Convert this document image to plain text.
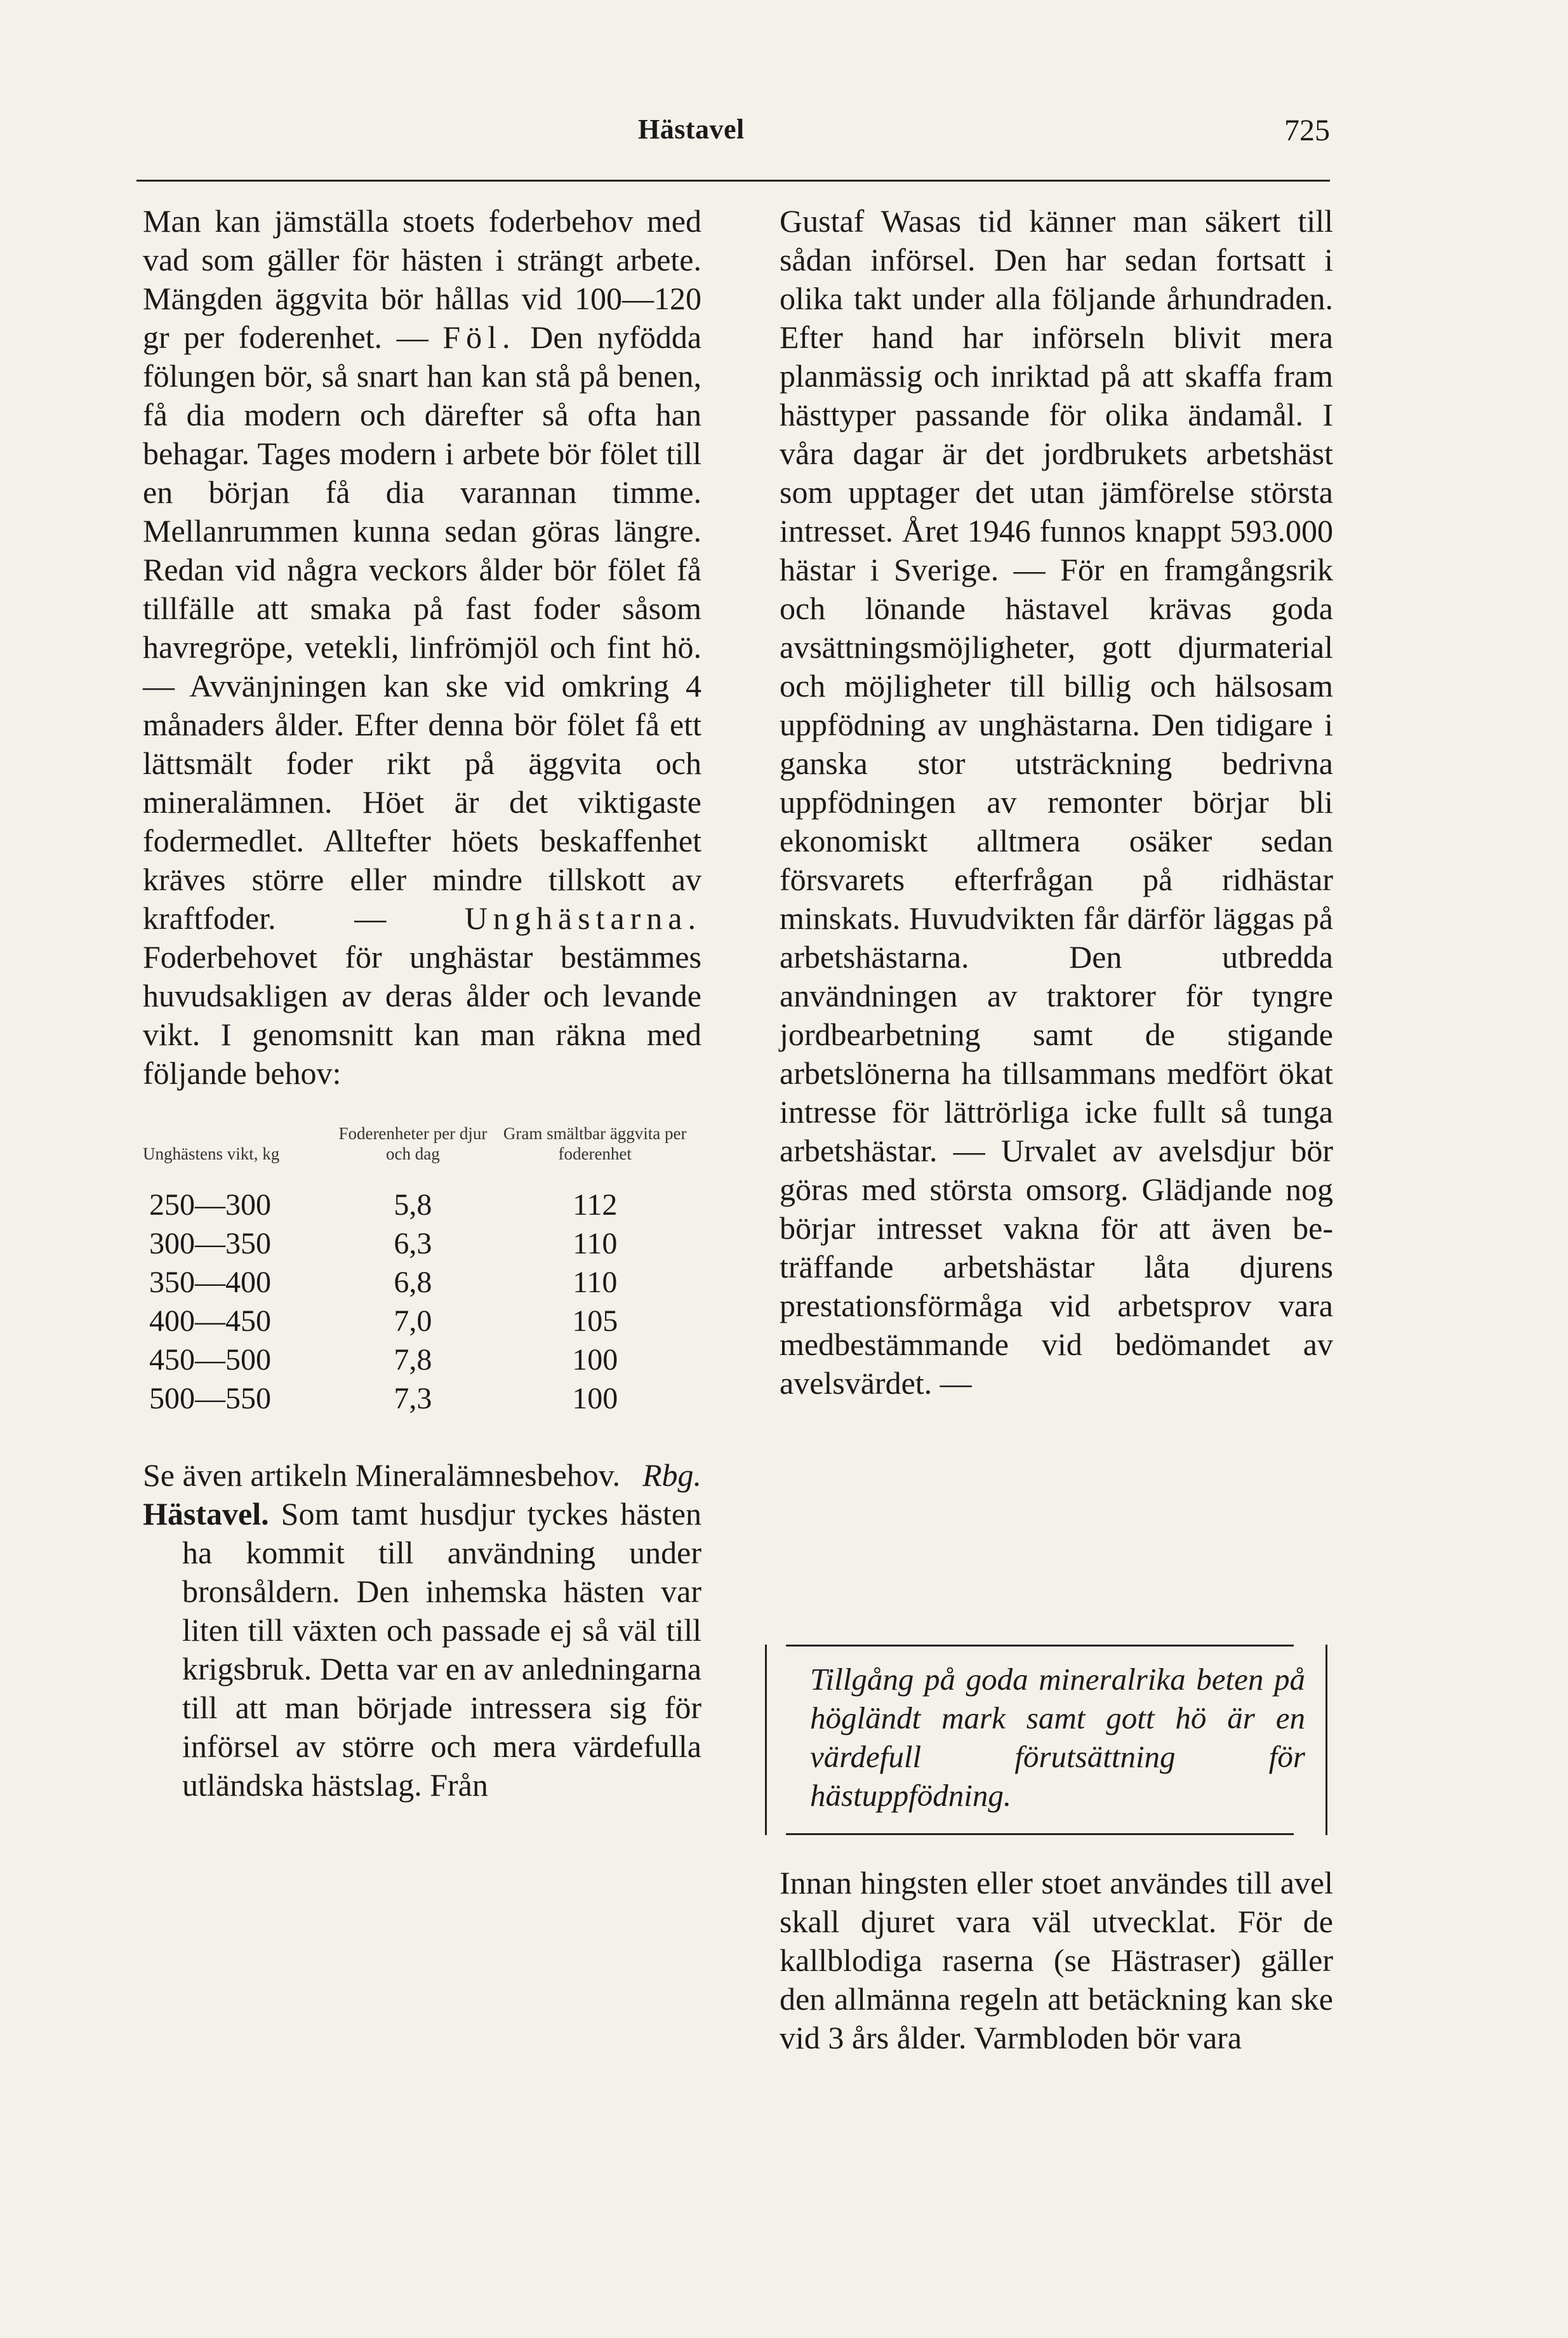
Hästavel	725

Man kan jämställa stoets foderbehov med vad som gäller för hästen i strängt arbete. Mängden äggvita bör hållas vid 100—120 gr per foderenhet. — Föl. Den nyfödda fölungen bör, så snart han kan stå på benen, få dia modern och därefter så ofta han behagar. Tages modern i arbete bör fölet till en början få dia varannan timme. Mellanrummen kunna sedan göras längre. Redan vid några veckors ålder bör fölet få tillfälle att smaka på fast foder såsom havregröpe, vetekli, linfrömjöl och fint hö. — Avvänjningen kan ske vid omkring 4 månaders ålder. Efter denna bör fölet få ett lättsmält foder rikt på äggvita och mineralämnen. Höet är det viktigaste fodermedlet. Alltefter höets beskaffenhet kräves större eller mindre tillskott av kraftfoder. — Unghästarna. Foderbehovet för unghästar bestämmes huvudsakligen av deras ålder och levande vikt. I genomsnitt kan man räkna med följande behov:

Unghästens vikt, kg	Foderenheter per djur och dag	Gram smältbar äggvita per foderenhet
250—300	5,8	112
300—350	6,3	110
350—400	6,8	110
400—450	7,0	105
450—500	7,8	100
500—550	7,3	100

Se även artikeln Mineralämnesbehov. Rbg.

Hästavel. Som tamt husdjur tyckes hästen ha kommit till användning under bronsåldern. Den inhemska hästen var liten till växten och passade ej så väl till krigsbruk. Detta var en av anledningarna till att man började intressera sig för införsel av större och mera värdefulla utländska hästslag. Från

Gustaf Wasas tid känner man säkert till sådan införsel. Den har sedan fortsatt i olika takt under alla följande århundraden. Efter hand har införseln blivit mera planmässig och inriktad på att skaffa fram hästtyper passande för olika ändamål. I våra dagar är det jordbrukets arbetshäst som upptager det utan jämförelse största intresset. Året 1946 funnos knappt 593.000 hästar i Sverige. — För en framgångsrik och lönande hästavel krävas goda avsättningsmöjligheter, gott djurmaterial och möjligheter till billig och hälsosam uppfödning av unghästarna. Den tidigare i ganska stor utsträckning bedrivna uppfödningen av remonter börjar bli ekonomiskt alltmera osäker sedan försvarets efterfrågan på ridhästar minskats. Huvudvikten får därför läggas på arbetshästarna. Den utbredda användningen av traktorer för tyngre jordbearbetning samt de stigande arbetslönerna ha tillsammans medfört ökat intresse för lättrörliga icke fullt så tunga arbetshästar. — Urvalet av avelsdjur bör göras med största omsorg. Glädjande nog börjar intresset vakna för att även beträffande arbetshästar låta djurens prestationsförmåga vid arbetsprov vara medbestämmande vid bedömandet av avelsvärdet. —

Tillgång på goda mineralrika beten på högländt mark samt gott hö är en värdefull förutsättning för hästuppfödning.

Innan hingsten eller stoet användes till avel skall djuret vara väl utvecklat. För de kallblodiga raserna (se Hästraser) gäller den allmänna regeln att betäckning kan ske vid 3 års ålder. Varmbloden bör vara
